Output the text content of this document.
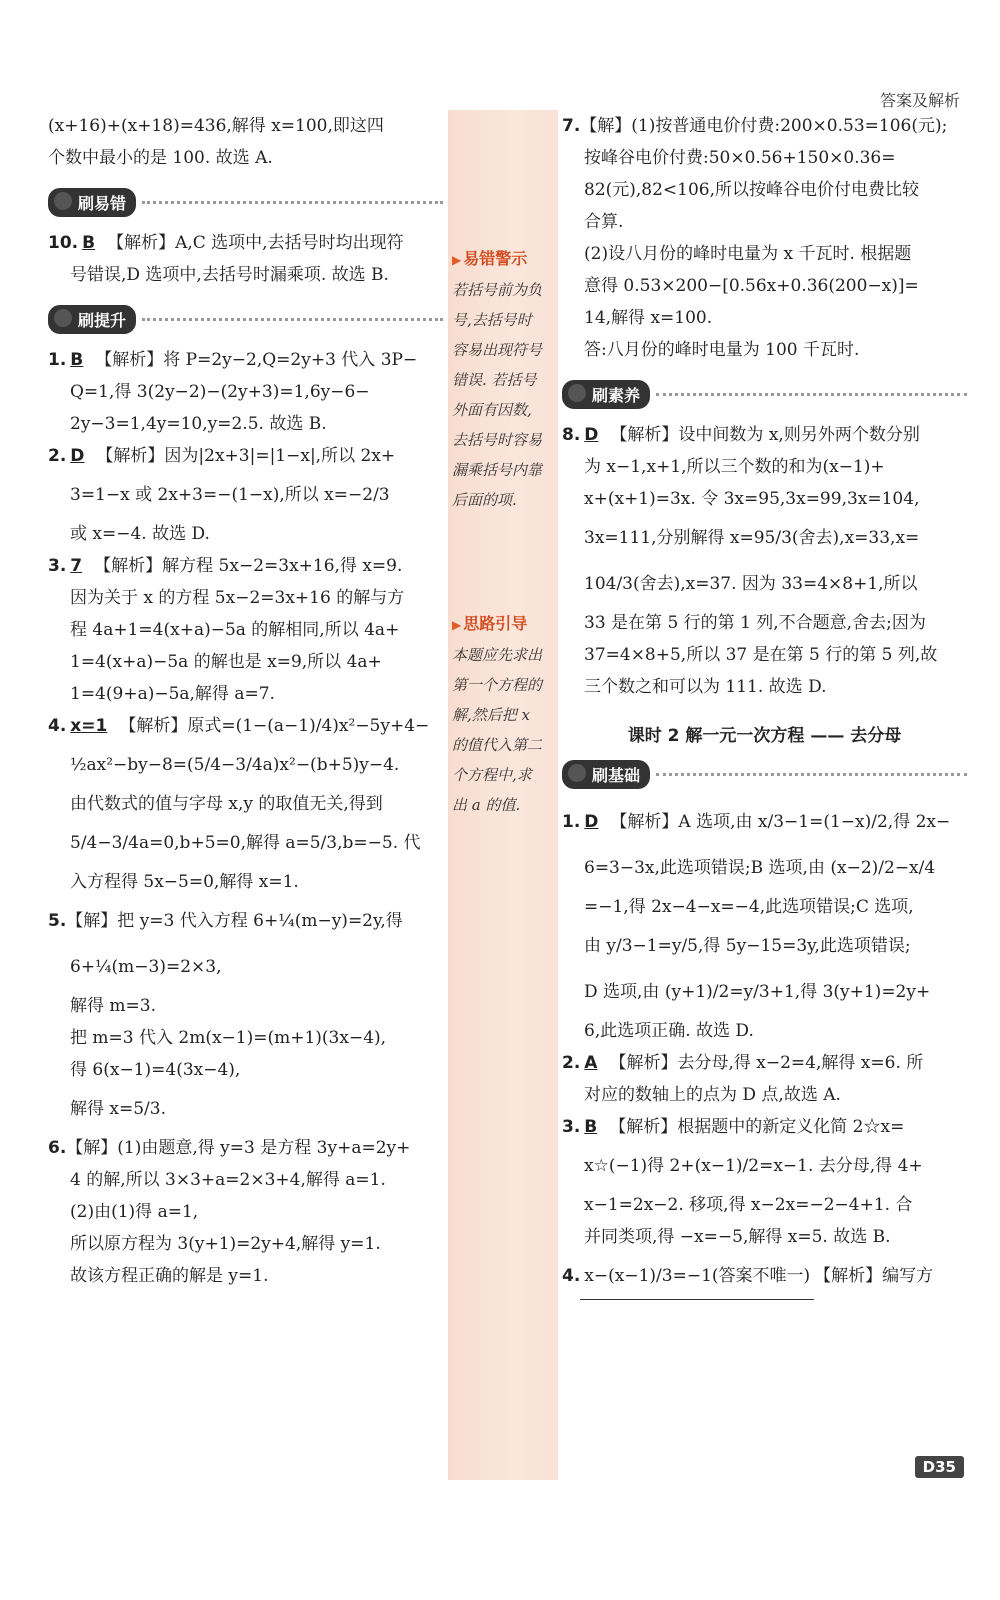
答案及解析
(x+16)+(x+18)=436,解得 x=100,即这四
个数中最小的是 100. 故选 A.
刷易错
10. B 【解析】A,C 选项中,去括号时均出现符
号错误,D 选项中,去括号时漏乘项. 故选 B.
刷提升
1. B 【解析】将 P=2y−2,Q=2y+3 代入 3P−
Q=1,得 3(2y−2)−(2y+3)=1,6y−6−
2y−3=1,4y=10,y=2.5. 故选 B.
2. D 【解析】因为|2x+3|=|1−x|,所以 2x+
3=1−x 或 2x+3=−(1−x),所以 x=−2/3
或 x=−4. 故选 D.
3. 7 【解析】解方程 5x−2=3x+16,得 x=9.
因为关于 x 的方程 5x−2=3x+16 的解与方
程 4a+1=4(x+a)−5a 的解相同,所以 4a+
1=4(x+a)−5a 的解也是 x=9,所以 4a+
1=4(9+a)−5a,解得 a=7.
4. x=1 【解析】原式=(1−(a−1)/4)x²−5y+4−
½ax²−by−8=(5/4−3/4a)x²−(b+5)y−4.
由代数式的值与字母 x,y 的取值无关,得到
5/4−3/4a=0,b+5=0,解得 a=5/3,b=−5. 代
入方程得 5x−5=0,解得 x=1.
5.【解】把 y=3 代入方程 6+¼(m−y)=2y,得
6+¼(m−3)=2×3,
解得 m=3.
把 m=3 代入 2m(x−1)=(m+1)(3x−4),
得 6(x−1)=4(3x−4),
解得 x=5/3.
6.【解】(1)由题意,得 y=3 是方程 3y+a=2y+
4 的解,所以 3×3+a=2×3+4,解得 a=1.
(2)由(1)得 a=1,
所以原方程为 3(y+1)=2y+4,解得 y=1.
故该方程正确的解是 y=1.
▶ 易错警示
若括号前为负
号,去括号时
容易出现符号
错误. 若括号
外面有因数,
去括号时容易
漏乘括号内靠
后面的项.
▶ 思路引导
本题应先求出
第一个方程的
解,然后把 x
的值代入第二
个方程中,求
出 a 的值.
7.【解】(1)按普通电价付费:200×0.53=106(元);
按峰谷电价付费:50×0.56+150×0.36=
82(元),82<106,所以按峰谷电价付电费比较
合算.
(2)设八月份的峰时电量为 x 千瓦时. 根据题
意得 0.53×200−[0.56x+0.36(200−x)]=
14,解得 x=100.
答:八月份的峰时电量为 100 千瓦时.
刷素养
8. D 【解析】设中间数为 x,则另外两个数分别
为 x−1,x+1,所以三个数的和为(x−1)+
x+(x+1)=3x. 令 3x=95,3x=99,3x=104,
3x=111,分别解得 x=95/3(舍去),x=33,x=
104/3(舍去),x=37. 因为 33=4×8+1,所以
33 是在第 5 行的第 1 列,不合题意,舍去;因为
37=4×8+5,所以 37 是在第 5 行的第 5 列,故
三个数之和可以为 111. 故选 D.
课时 2 解一元一次方程 —— 去分母
刷基础
1. D 【解析】A 选项,由 x/3−1=(1−x)/2,得 2x−
6=3−3x,此选项错误;B 选项,由 (x−2)/2−x/4
=−1,得 2x−4−x=−4,此选项错误;C 选项,
由 y/3−1=y/5,得 5y−15=3y,此选项错误;
D 选项,由 (y+1)/2=y/3+1,得 3(y+1)=2y+
6,此选项正确. 故选 D.
2. A 【解析】去分母,得 x−2=4,解得 x=6. 所
对应的数轴上的点为 D 点,故选 A.
3. B 【解析】根据题中的新定义化简 2☆x=
x☆(−1)得 2+(x−1)/2=x−1. 去分母,得 4+
x−1=2x−2. 移项,得 x−2x=−2−4+1. 合
并同类项,得 −x=−5,解得 x=5. 故选 B.
4. x−(x−1)/3=−1(答案不唯一) 【解析】编写方
D35
